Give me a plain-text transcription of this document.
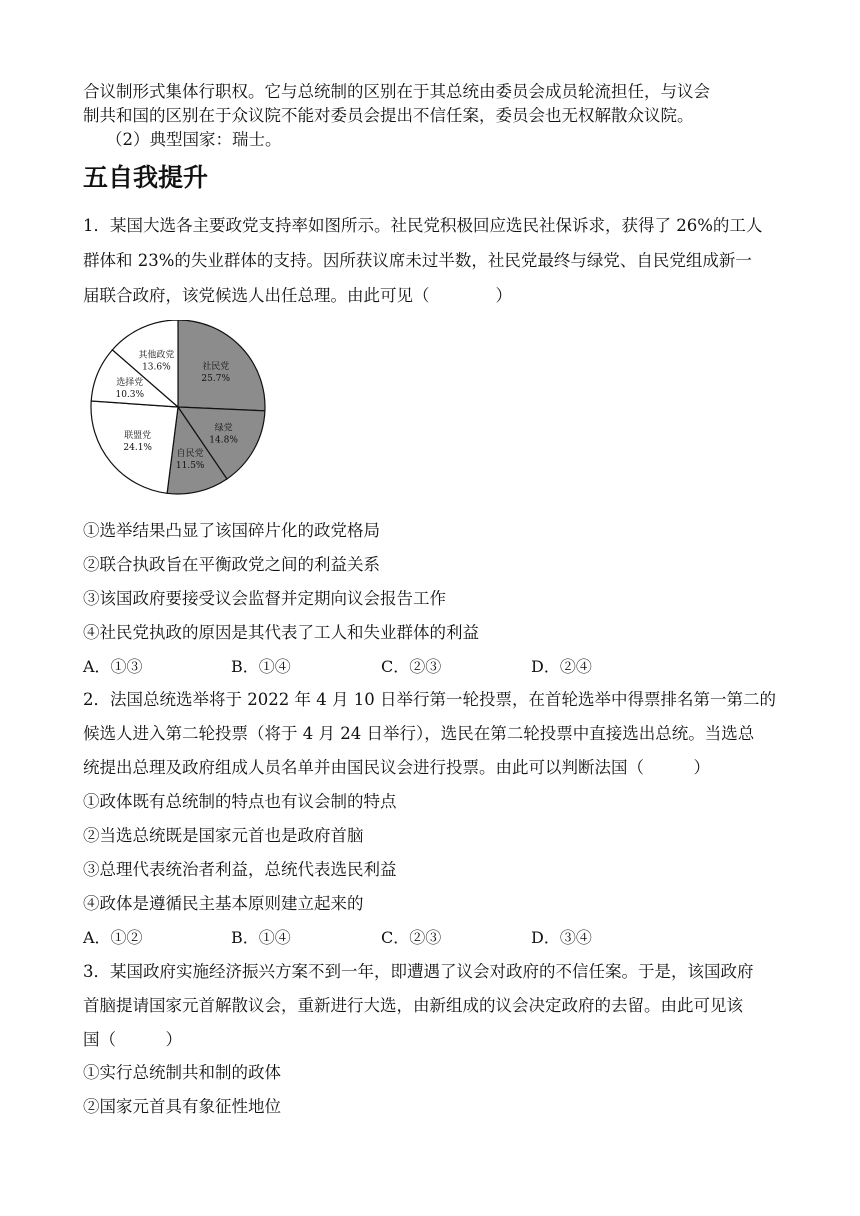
合议制形式集体行职权。它与总统制的区别在于其总统由委员会成员轮流担任，与议会
制共和国的区别在于众议院不能对委员会提出不信任案，委员会也无权解散众议院。
（2）典型国家：瑞士。
五自我提升
1．某国大选各主要政党支持率如图所示。社民党积极回应选民社保诉求，获得了 26%的工人
群体和 23%的失业群体的支持。因所获议席未过半数，社民党最终与绿党、自民党组成新一
届联合政府，该党候选人出任总理。由此可见（　　　　）
社民党
25.7%
绿党
14.8%
自民党
11.5%
联盟党
24.1%
选择党
10.3%
其他政党
13.6%
①选举结果凸显了该国碎片化的政党格局
②联合执政旨在平衡政党之间的利益关系
③该国政府要接受议会监督并定期向议会报告工作
④社民党执政的原因是其代表了工人和失业群体的利益
A．①③	B．①④	C．②③	D．②④
2．法国总统选举将于 2022 年 4 月 10 日举行第一轮投票，在首轮选举中得票排名第一第二的
候选人进入第二轮投票（将于 4 月 24 日举行），选民在第二轮投票中直接选出总统。当选总
统提出总理及政府组成人员名单并由国民议会进行投票。由此可以判断法国（　　　）
①政体既有总统制的特点也有议会制的特点
②当选总统既是国家元首也是政府首脑
③总理代表统治者利益，总统代表选民利益
④政体是遵循民主基本原则建立起来的
A．①②	B．①④	C．②③	D．③④
3．某国政府实施经济振兴方案不到一年，即遭遇了议会对政府的不信任案。于是，该国政府
首脑提请国家元首解散议会，重新进行大选，由新组成的议会决定政府的去留。由此可见该
国（　　　）
①实行总统制共和制的政体
②国家元首具有象征性地位
